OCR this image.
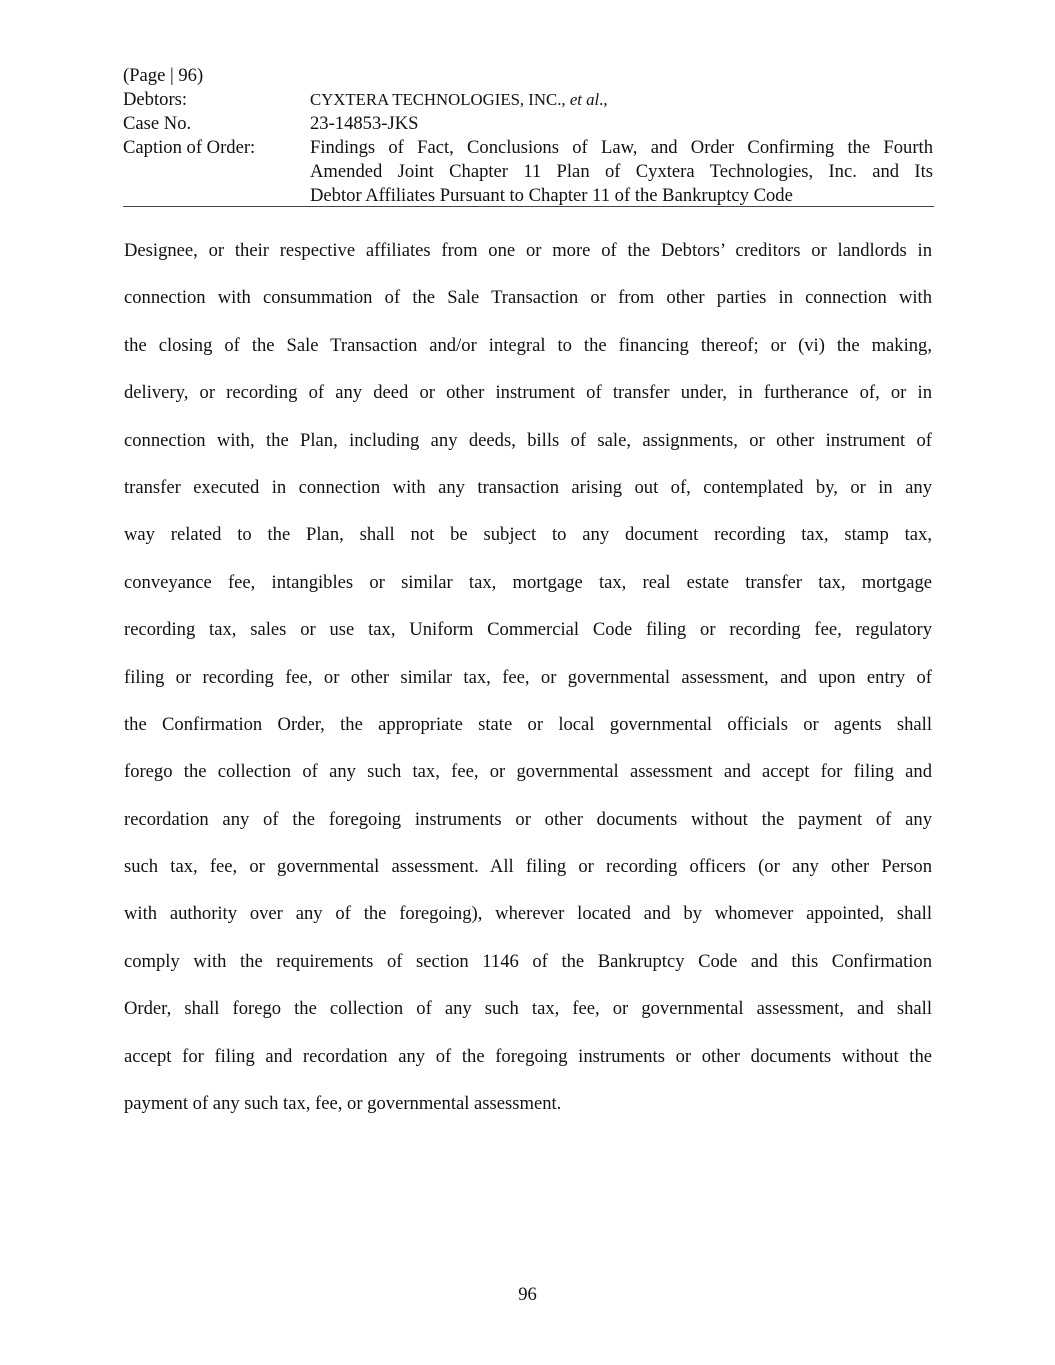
(Page | 96)
Debtors:	CYXTERA TECHNOLOGIES, INC., et al.,
Case No.	23-14853-JKS
Caption of Order:	Findings of Fact, Conclusions of Law, and Order Confirming the Fourth
Amended Joint Chapter 11 Plan of Cyxtera Technologies, Inc. and Its
Debtor Affiliates Pursuant to Chapter 11 of the Bankruptcy Code
Designee, or their respective affiliates from one or more of the Debtors’ creditors or landlords in
connection with consummation of the Sale Transaction or from other parties in connection with
the closing of the Sale Transaction and/or integral to the financing thereof; or (vi) the making,
delivery, or recording of any deed or other instrument of transfer under, in furtherance of, or in
connection with, the Plan, including any deeds, bills of sale, assignments, or other instrument of
transfer executed in connection with any transaction arising out of, contemplated by, or in any
way related to the Plan, shall not be subject to any document recording tax, stamp tax,
conveyance fee, intangibles or similar tax, mortgage tax, real estate transfer tax, mortgage
recording tax, sales or use tax, Uniform Commercial Code filing or recording fee, regulatory
filing or recording fee, or other similar tax, fee, or governmental assessment, and upon entry of
the Confirmation Order, the appropriate state or local governmental officials or agents shall
forego the collection of any such tax, fee, or governmental assessment and accept for filing and
recordation any of the foregoing instruments or other documents without the payment of any
such tax, fee, or governmental assessment. All filing or recording officers (or any other Person
with authority over any of the foregoing), wherever located and by whomever appointed, shall
comply with the requirements of section 1146 of the Bankruptcy Code and this Confirmation
Order, shall forego the collection of any such tax, fee, or governmental assessment, and shall
accept for filing and recordation any of the foregoing instruments or other documents without the
payment of any such tax, fee, or governmental assessment.
96
